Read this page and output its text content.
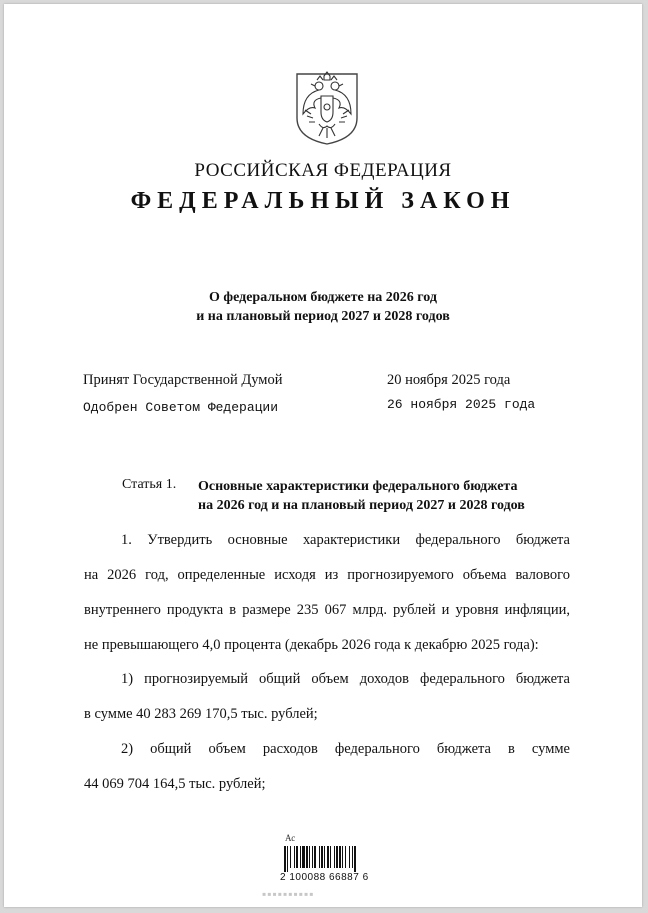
РОССИЙСКАЯ ФЕДЕРАЦИЯ
ФЕДЕРАЛЬНЫЙ ЗАКОН
О федеральном бюджете на 2026 год
и на плановый период 2027 и 2028 годов
Принят Государственной Думой	20 ноября 2025 года
Одобрен Советом Федерации	26 ноября 2025 года
Статья 1. Основные характеристики федерального бюджета
на 2026 год и на плановый период 2027 и 2028 годов
1. Утвердить основные характеристики федерального бюджета
на 2026 год, определенные исходя из прогнозируемого объема валового
внутреннего продукта в размере 235 067 млрд. рублей и уровня инфляции,
не превышающего 4,0 процента (декабрь 2026 года к декабрю 2025 года):
1) прогнозируемый общий объем доходов федерального бюджета
в сумме 40 283 269 170,5 тыс. рублей;
2) общий объем расходов федерального бюджета в сумме
44 069 704 164,5 тыс. рублей;
Ас
2 100088 66887 6
▪▪▪▪▪▪▪▪▪▪
